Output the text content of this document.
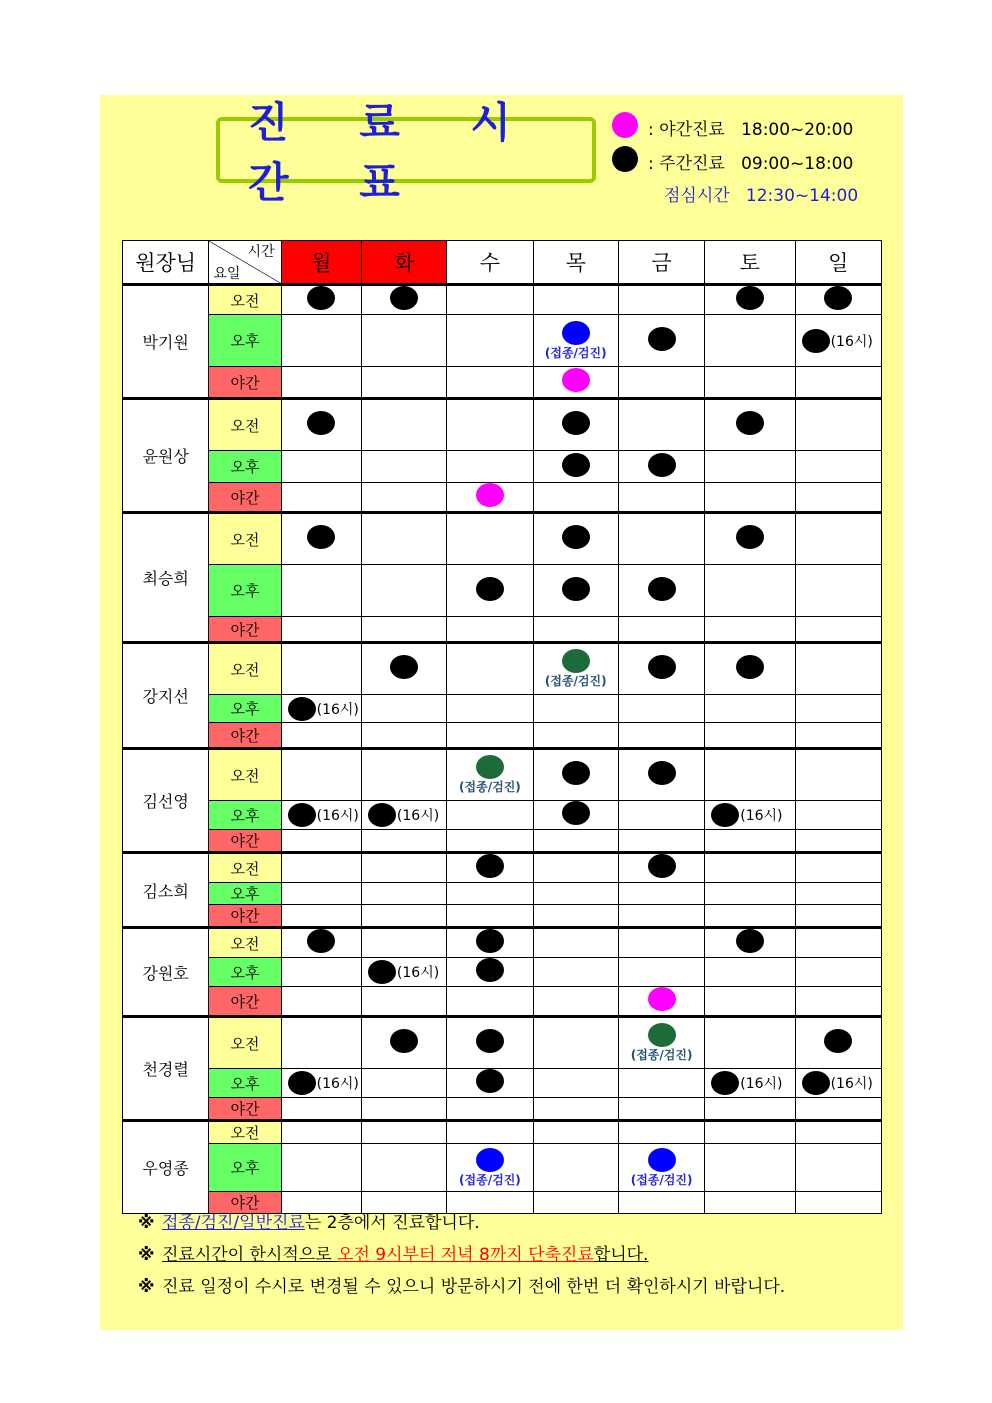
진 료 시 간 표
: 야간진료 18:00~20:00
: 주간진료 09:00~18:00
점심시간 12:30~14:00
원장님	시간
요일	월	화	수	목	금	토	일
박기원	오전	

	오후				(접종/검진)			(16시)

	야간				

윤원상	오전	

	오후				

	야간			

최승희	오전	

	오후			

	야간							
강지선	오전				(접종/검진)			

	오후	(16시)						

	야간							
김선영	오전			(접종/검진)				

	오후	(16시)	(16시)				(16시)	

	야간							
김소희	오전			

	오후							
	야간							
강원호	오전	

	오후		(16시)					

	야간					

천경렬	오전					(접종/검진)		

	오후	(16시)					(16시)	(16시)

	야간							
우영종	오전							
	오후			(접종/검진)		(접종/검진)		

	야간							
※ 접종/검진/일반진료는 2층에서 진료합니다.
※ 진료시간이 한시적으로 오전 9시부터 저녁 8까지 단축진료합니다.
※ 진료 일정이 수시로 변경될 수 있으니 방문하시기 전에 한번 더 확인하시기 바랍니다.
